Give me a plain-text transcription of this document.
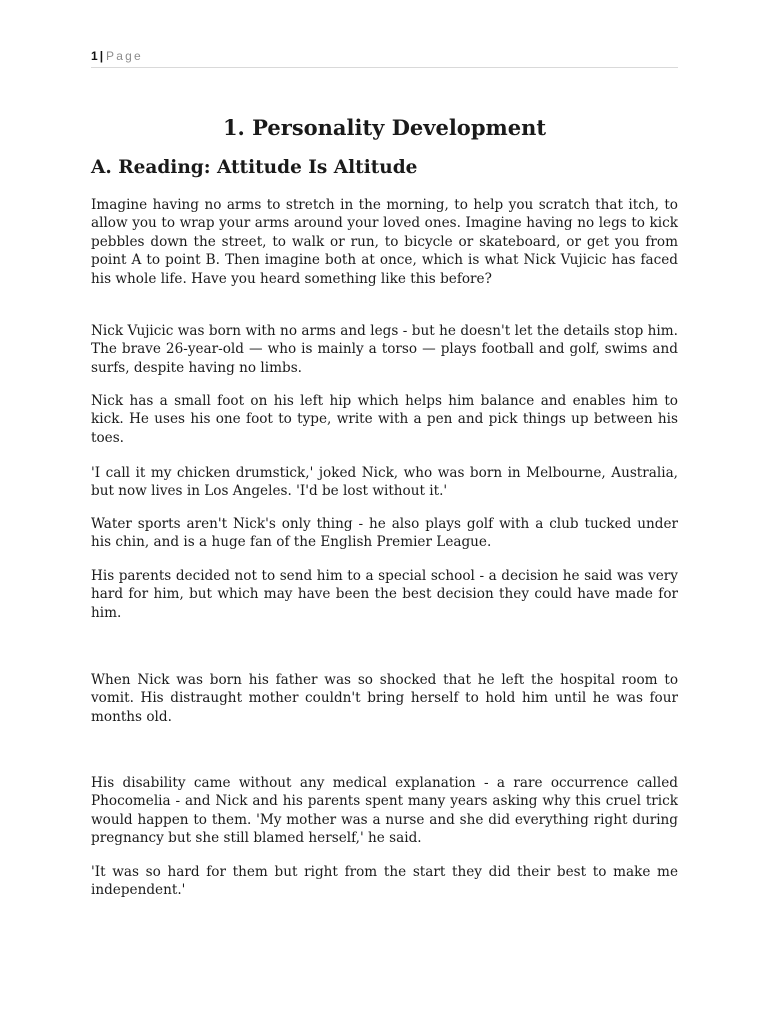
1 | Page
1. Personality Development
A. Reading: Attitude Is Altitude

Imagine having no arms to stretch in the morning, to help you scratch that itch, to allow you to wrap your arms around your loved ones. Imagine having no legs to kick pebbles down the street, to walk or run, to bicycle or skateboard, or get you from point A to point B. Then imagine both at once, which is what Nick Vujicic has faced his whole life. Have you heard something like this before?

Nick Vujicic was born with no arms and legs - but he doesn't let the details stop him. The brave 26-year-old — who is mainly a torso — plays football and golf, swims and surfs, despite having no limbs.

Nick has a small foot on his left hip which helps him balance and enables him to kick. He uses his one foot to type, write with a pen and pick things up between his toes.

'I call it my chicken drumstick,' joked Nick, who was born in Melbourne, Australia, but now lives in Los Angeles. 'I'd be lost without it.'

Water sports aren't Nick's only thing - he also plays golf with a club tucked under his chin, and is a huge fan of the English Premier League.

His parents decided not to send him to a special school - a decision he said was very hard for him, but which may have been the best decision they could have made for him.

When Nick was born his father was so shocked that he left the hospital room to vomit. His distraught mother couldn't bring herself to hold him until he was four months old.

His disability came without any medical explanation - a rare occurrence called Phocomelia - and Nick and his parents spent many years asking why this cruel trick would happen to them. 'My mother was a nurse and she did everything right during pregnancy but she still blamed herself,' he said.

'It was so hard for them but right from the start they did their best to make me independent.'
